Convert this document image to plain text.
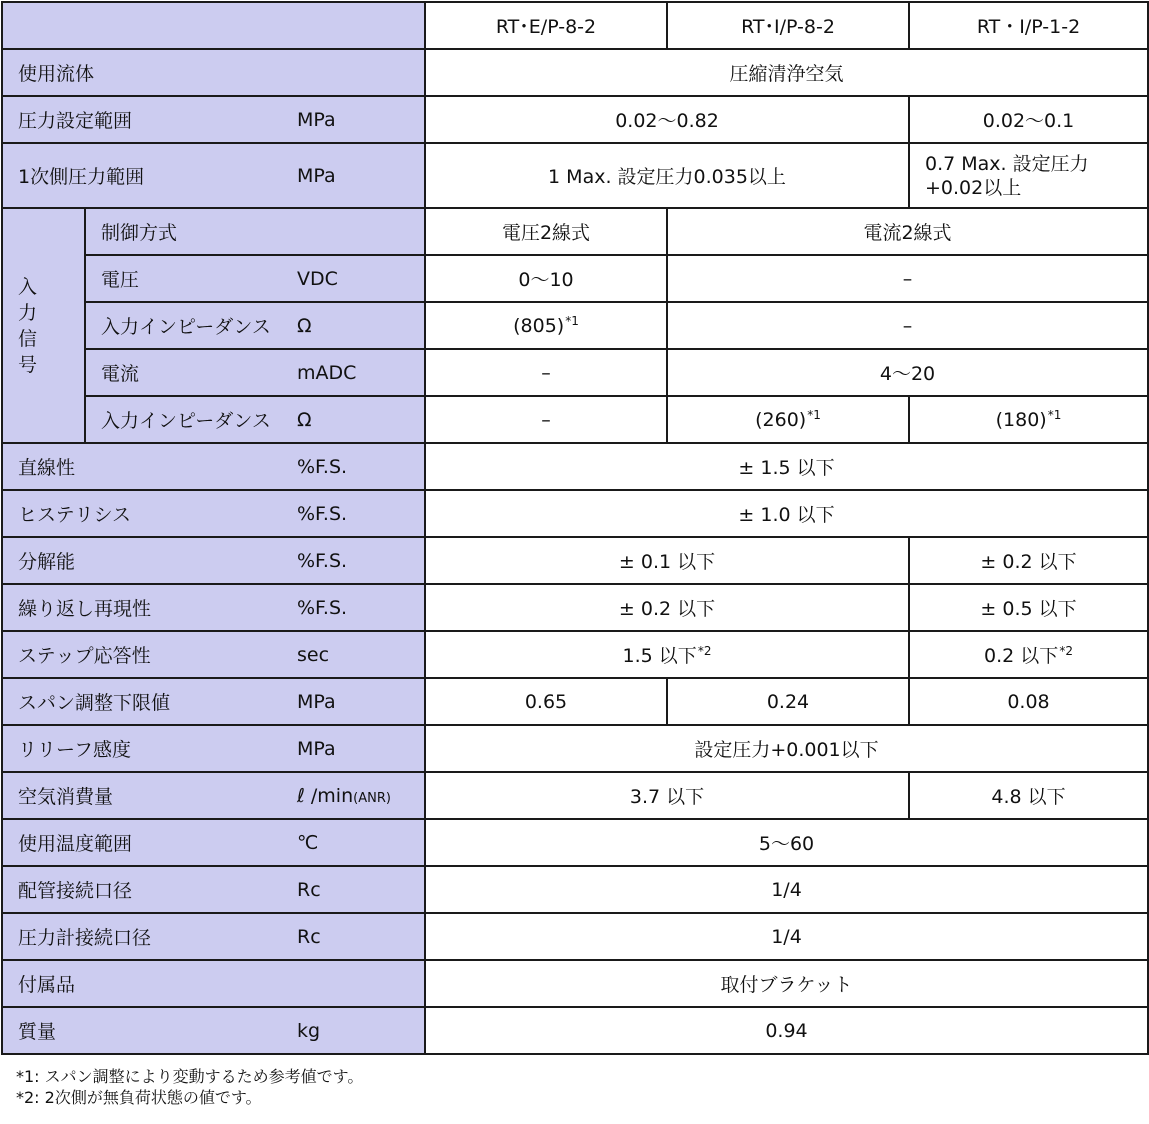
			RT･E/P-8-2	RT･I/P-8-2	RT・I/P-1-2
使用流体			圧縮清浄空気		
圧力設定範囲		MPa	0.02～0.82		0.02～0.1
1次側圧力範囲		MPa	1 Max. 設定圧力0.035以上		0.7 Max. 設定圧力 +0.02以上
入力 信号	制御方式		電圧2線式	電流2線式	
	電圧	VDC	0～10	–	
	入力インピーダンス	Ω	$(805)^{*1}$	–	
	電流	mADC	–	4～20	
	入力インピーダンス	Ω	–	$(260)^{*1}$	$(180)^{*1}$
直線性		%F.S.	± 1.5 以下		
ヒステリシス		%F.S.	± 1.0 以下		
分解能		%F.S.	± 0.1 以下		± 0.2 以下
繰り返し再現性		%F.S.	± 0.2 以下		± 0.5 以下
ステップ応答性		sec	1.5 以下$^{*2}$		0.2 以下$^{*2}$
スパン調整下限値		MPa	0.65	0.24	0.08
リリーフ感度		MPa	設定圧力+0.001以下		
空気消費量		ℓ /min(ANR)	3.7 以下		4.8 以下
使用温度範囲		℃	5～60		
配管接続口径		Rc	1/4		
圧力計接続口径		Rc	1/4		
付属品			取付ブラケット		
質量		kg	0.94		
*1: スパン調整により変動するため参考値です。
*2: 2次側が無負荷状態の値です。
